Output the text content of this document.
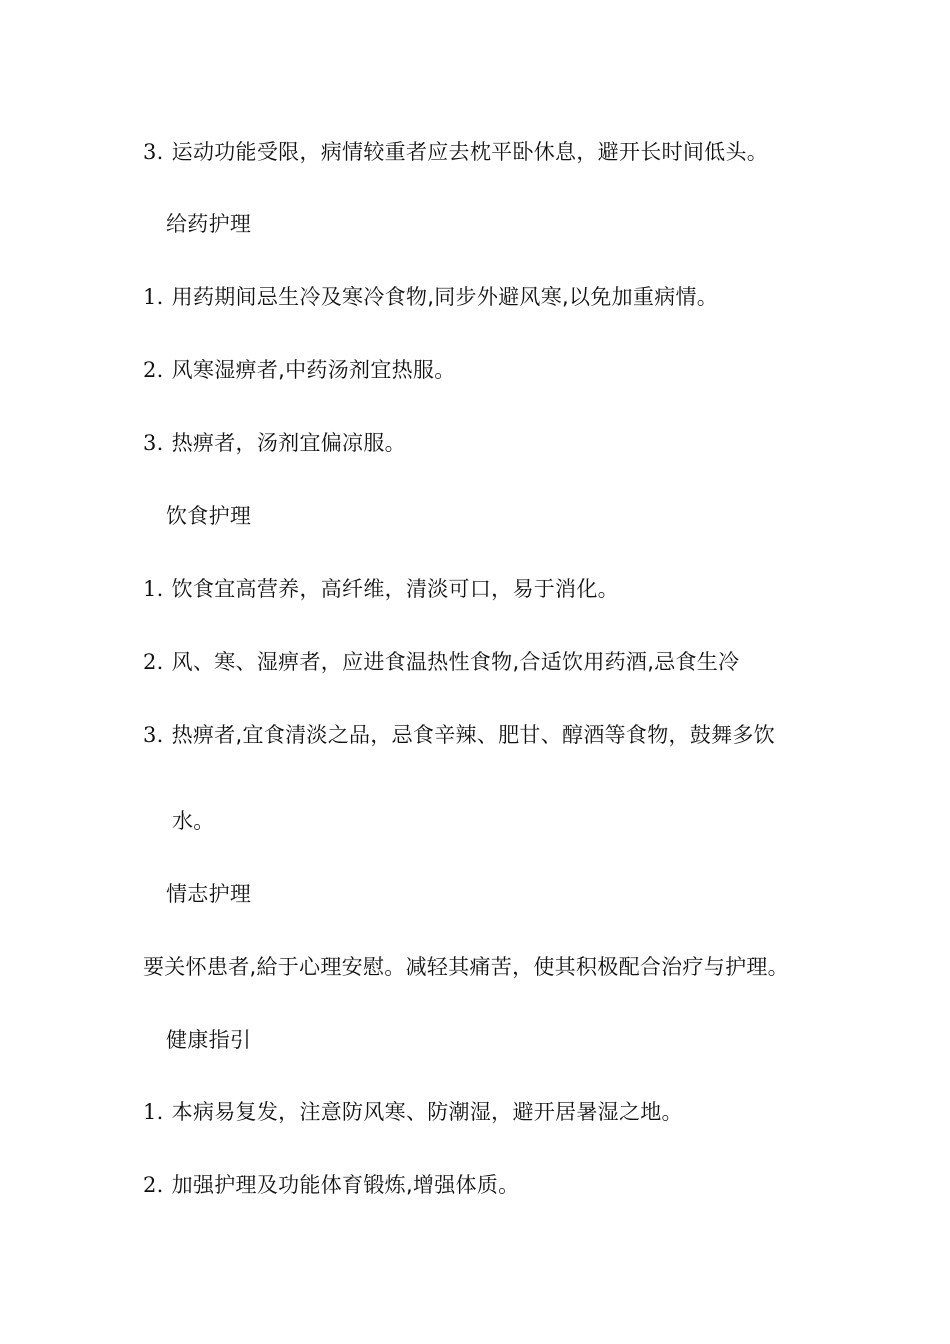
3. 运动功能受限，病情较重者应去枕平卧休息，避开长时间低头。
给药护理
1. 用药期间忌生冷及寒冷食物,同步外避风寒,以免加重病情。
2. 风寒湿痹者,中药汤剂宜热服。
3. 热痹者，汤剂宜偏凉服。
饮食护理
1. 饮食宜高营养，高纤维，清淡可口，易于消化。
2. 风、寒、湿痹者，应进食温热性食物,合适饮用药酒,忌食生冷
3. 热痹者,宜食清淡之品，忌食辛辣、肥甘、醇酒等食物，鼓舞多饮
水。
情志护理
要关怀患者,給于心理安慰。减轻其痛苦，使其积极配合治疗与护理。
健康指引
1. 本病易复发，注意防风寒、防潮湿，避开居暑湿之地。
2. 加强护理及功能体育锻炼,增强体质。
